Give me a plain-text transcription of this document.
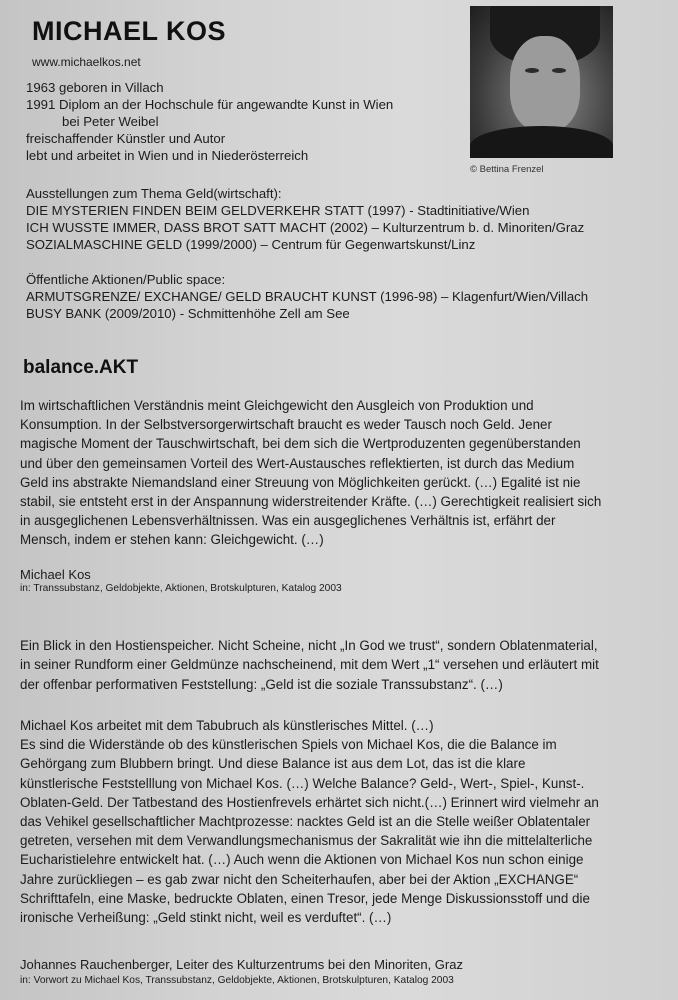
MICHAEL KOS
www.michaelkos.net
1963 geboren in Villach
1991 Diplom an der Hochschule für angewandte Kunst in Wien
bei Peter Weibel
freischaffender Künstler und Autor
lebt und arbeitet in Wien und in Niederösterreich
© Bettina Frenzel
Ausstellungen zum Thema Geld(wirtschaft):
DIE MYSTERIEN FINDEN BEIM GELDVERKEHR STATT (1997) - Stadtinitiative/Wien
ICH WUSSTE IMMER, DASS BROT SATT MACHT (2002) – Kulturzentrum b. d. Minoriten/Graz
SOZIALMASCHINE GELD (1999/2000) – Centrum für Gegenwartskunst/Linz
Öffentliche Aktionen/Public space:
ARMUTSGRENZE/ EXCHANGE/ GELD BRAUCHT KUNST (1996-98) – Klagenfurt/Wien/Villach
BUSY BANK (2009/2010) - Schmittenhöhe Zell am See
balance.AKT
Im wirtschaftlichen Verständnis meint Gleichgewicht den Ausgleich von Produktion und
Konsumption. In der Selbstversorgerwirtschaft braucht es weder Tausch noch Geld. Jener
magische Moment der Tauschwirtschaft, bei dem sich die Wertproduzenten gegenüberstanden
und über den gemeinsamen Vorteil des Wert-Austausches reflektierten, ist durch das Medium
Geld ins abstrakte Niemandsland einer Streuung von Möglichkeiten gerückt. (…) Egalité ist nie
stabil, sie entsteht erst in der Anspannung widerstreitender Kräfte. (…) Gerechtigkeit realisiert sich
in ausgeglichenen Lebensverhältnissen. Was ein ausgeglichenes Verhältnis ist, erfährt der
Mensch, indem er stehen kann: Gleichgewicht. (…)
Michael Kos
in: Transsubstanz, Geldobjekte, Aktionen, Brotskulpturen, Katalog 2003
Ein Blick in den Hostienspeicher. Nicht Scheine, nicht „In God we trust“, sondern Oblatenmaterial,
in seiner Rundform einer Geldmünze nachscheinend, mit dem Wert „1“ versehen und erläutert mit
der offenbar performativen Feststellung: „Geld ist die soziale Transsubstanz“. (…)
Michael Kos arbeitet mit dem Tabubruch als künstlerisches Mittel. (…)
Es sind die Widerstände ob des künstlerischen Spiels von Michael Kos, die die Balance im
Gehörgang zum Blubbern bringt. Und diese Balance ist aus dem Lot, das ist die klare
künstlerische Feststelllung von Michael Kos. (…) Welche Balance? Geld-, Wert-, Spiel-, Kunst-.
Oblaten-Geld. Der Tatbestand des Hostienfrevels erhärtet sich nicht.(…) Erinnert wird vielmehr an
das Vehikel gesellschaftlicher Machtprozesse: nacktes Geld ist an die Stelle weißer Oblatentaler
getreten, versehen mit dem Verwandlungsmechanismus der Sakralität wie ihn die mittelalterliche
Eucharistielehre entwickelt hat. (…) Auch wenn die Aktionen von Michael Kos nun schon einige
Jahre zurückliegen – es gab zwar nicht den Scheiterhaufen, aber bei der Aktion „EXCHANGE“
Schrifttafeln, eine Maske, bedruckte Oblaten, einen Tresor, jede Menge Diskussionsstoff und die
ironische Verheißung: „Geld stinkt nicht, weil es verduftet“. (…)
Johannes Rauchenberger, Leiter des Kulturzentrums bei den Minoriten, Graz
in: Vorwort zu Michael Kos, Transsubstanz, Geldobjekte, Aktionen, Brotskulpturen, Katalog 2003
